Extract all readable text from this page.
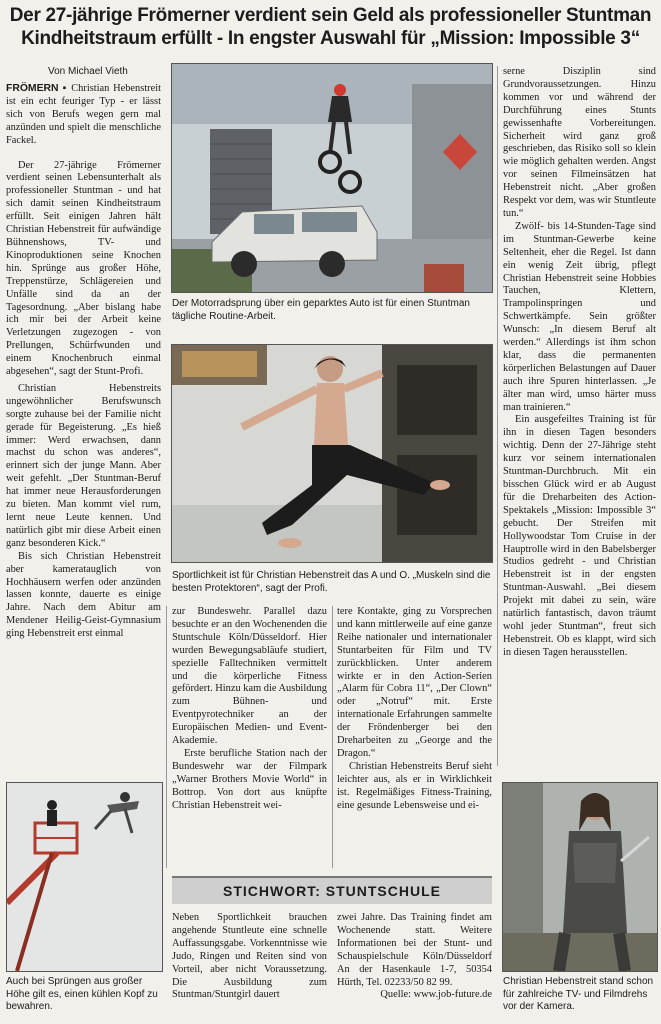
Der 27-jährige Frömerner verdient sein Geld als professioneller Stuntman
Kindheitstraum erfüllt - In engster Auswahl für „Mission: Impossible 3“
Von Michael Vieth

FRÖMERN ▪ Christian Hebenstreit ist ein echt feuriger Typ - er lässt sich von Berufs wegen gern mal anzünden und spielt die menschliche Fackel.

Der 27-jährige Frömerner verdient seinen Lebensunterhalt als professioneller Stuntman - und hat sich damit seinen Kindheitstraum erfüllt. Seit einigen Jahren hält Christian Hebenstreit für aufwändige Bühnenshows, TV- und Kinoproduktionen seine Knochen hin. Sprünge aus großer Höhe, Treppenstürze, Schlägereien und Unfälle sind da an der Tagesordnung. „Aber bislang habe ich mir bei der Arbeit keine Verletzungen zugezogen - von Prellungen, Schürfwunden und einem Knochenbruch einmal abgesehen“, sagt der Stunt-Profi.

Christian Hebenstreits ungewöhnlicher Berufswunsch sorgte zuhause bei der Familie nicht gerade für Begeisterung. „Es hieß immer: Werd erwachsen, dann machst du schon was anderes“, erinnert sich der junge Mann. Aber weit gefehlt. „Der Stuntman-Beruf hat immer neue Herausforderungen zu bieten. Man kommt viel rum, lernt neue Leute kennen. Und natürlich gibt mir diese Arbeit einen ganz besonderen Kick.“

Bis sich Christian Hebenstreit aber kameratauglich von Hochhäusern werfen oder anzünden lassen konnte, dauerte es einige Jahre. Nach dem Abitur am Mendener Heilig-Geist-Gymnasium ging Hebenstreit erst einmal

Der Motorradsprung über ein geparktes Auto ist für einen Stuntman tägliche Routine-Arbeit.
Sportlichkeit ist für Christian Hebenstreit das A und O. „Muskeln sind die besten Protektoren“, sagt der Profi.

zur Bundeswehr. Parallel dazu besuchte er an den Wochenenden die Stuntschule Köln/Düsseldorf. Hier wurden Bewegungsabläufe studiert, spezielle Falltechniken vermittelt und die körperliche Fitness gefördert. Hinzu kam die Ausbildung zum Bühnen- und Eventpyrotechniker an der Europäischen Medien- und Event-Akademie.

Erste berufliche Station nach der Bundeswehr war der Filmpark „Warner Brothers Movie World“ in Bottrop. Von dort aus knüpfte Christian Hebenstreit wei-

tere Kontakte, ging zu Vorsprechen und kann mittlerweile auf eine ganze Reihe nationaler und internationaler Stuntarbeiten für Film und TV zurückblicken. Unter anderem wirkte er in den Action-Serien „Alarm für Cobra 11“, „Der Clown“ oder „Notruf“ mit. Erste internationale Erfahrungen sammelte der Fröndenberger bei den Dreharbeiten zu „George and the Dragon.“

Christian Hebenstreits Beruf sieht leichter aus, als er in Wirklichkeit ist. Regelmäßiges Fitness-Training, eine gesunde Lebensweise und ei-

serne Disziplin sind Grundvoraussetzungen. Hinzu kommen vor und während der Durchführung eines Stunts gewissenhafte Vorbereitungen. Sicherheit wird ganz groß geschrieben, das Risiko soll so klein wie möglich gehalten werden. Angst vor seinen Filmeinsätzen hat Hebenstreit nicht. „Aber großen Respekt vor dem, was wir Stuntleute tun.“

Zwölf- bis 14-Stunden-Tage sind im Stuntman-Gewerbe keine Seltenheit, eher die Regel. Ist dann ein wenig Zeit übrig, pflegt Christian Hebenstreit seine Hobbies Tauchen, Klettern, Trampolinspringen und Schwertkämpfe. Sein größter Wunsch: „In diesem Beruf alt werden.“ Allerdings ist ihm schon klar, dass die permanenten körperlichen Belastungen auf Dauer auch ihre Spuren hinterlassen. „Je älter man wird, umso härter muss man trainieren.“

Ein ausgefeiltes Training ist für ihn in diesen Tagen besonders wichtig. Denn der 27-Jährige steht kurz vor seinem internationalen Stuntman-Durchbruch. Mit ein bisschen Glück wird er ab August für die Dreharbeiten des Action-Spektakels „Mission: Impossible 3“ gebucht. Der Streifen mit Hollywoodstar Tom Cruise in der Hauptrolle wird in den Babelsberger Studios gedreht - und Christian Hebenstreit ist in der engsten Stuntman-Auswahl. „Bei diesem Projekt mit dabei zu sein, wäre natürlich fantastisch, davon träumt wohl jeder Stuntman“, freut sich Hebenstreit. Ob es klappt, wird sich in diesen Tagen herausstellen.

Auch bei Sprüngen aus großer Höhe gilt es, einen kühlen Kopf zu bewahren.
Christian Hebenstreit stand schon für zahlreiche TV- und Filmdrehs vor der Kamera.
STICHWORT: STUNTSCHULE

Neben Sportlichkeit brauchen angehende Stuntleute eine schnelle Auffassungsgabe. Vorkenntnisse wie Judo, Ringen und Reiten sind von Vorteil, aber nicht Voraussetzung. Die Ausbildung zum Stuntman/Stuntgirl dauert

zwei Jahre. Das Training findet am Wochenende statt. Weitere Informationen bei der Stunt- und Schauspielschule Köln/Düsseldorf An der Hasenkaule 1-7, 50354 Hürth, Tel. 02233/50 82 99.

Quelle: www.job-future.de
